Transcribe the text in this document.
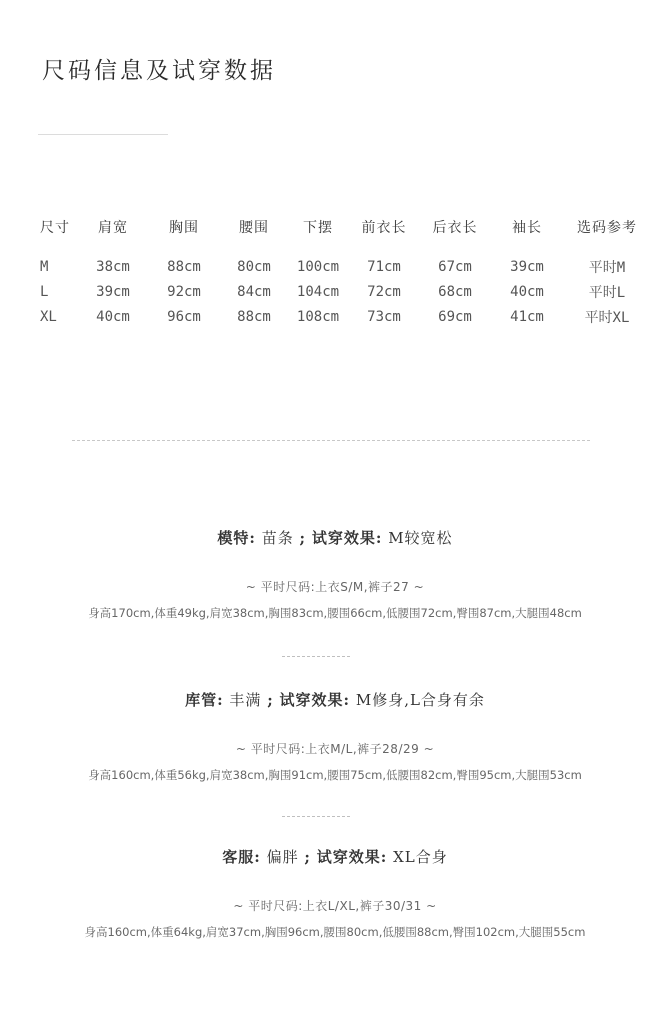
尺码信息及试穿数据
尺寸	肩宽	胸围	腰围	下摆	前衣长	后衣长	袖长	选码参考

M	38cm	88cm	80cm	100cm	71cm	67cm	39cm	平时M
L	39cm	92cm	84cm	104cm	72cm	68cm	40cm	平时L
XL	40cm	96cm	88cm	108cm	73cm	69cm	41cm	平时XL
模特: 苗条 ; 试穿效果: M较宽松
~ 平时尺码:上衣S/M,裤子27 ~
身高170cm,体重49kg,肩宽38cm,胸围83cm,腰围66cm,低腰围72cm,臀围87cm,大腿围48cm
库管: 丰满 ; 试穿效果: M修身,L合身有余
~ 平时尺码:上衣M/L,裤子28/29 ~
身高160cm,体重56kg,肩宽38cm,胸围91cm,腰围75cm,低腰围82cm,臀围95cm,大腿围53cm
客服: 偏胖 ; 试穿效果: XL合身
~ 平时尺码:上衣L/XL,裤子30/31 ~
身高160cm,体重64kg,肩宽37cm,胸围96cm,腰围80cm,低腰围88cm,臀围102cm,大腿围55cm
